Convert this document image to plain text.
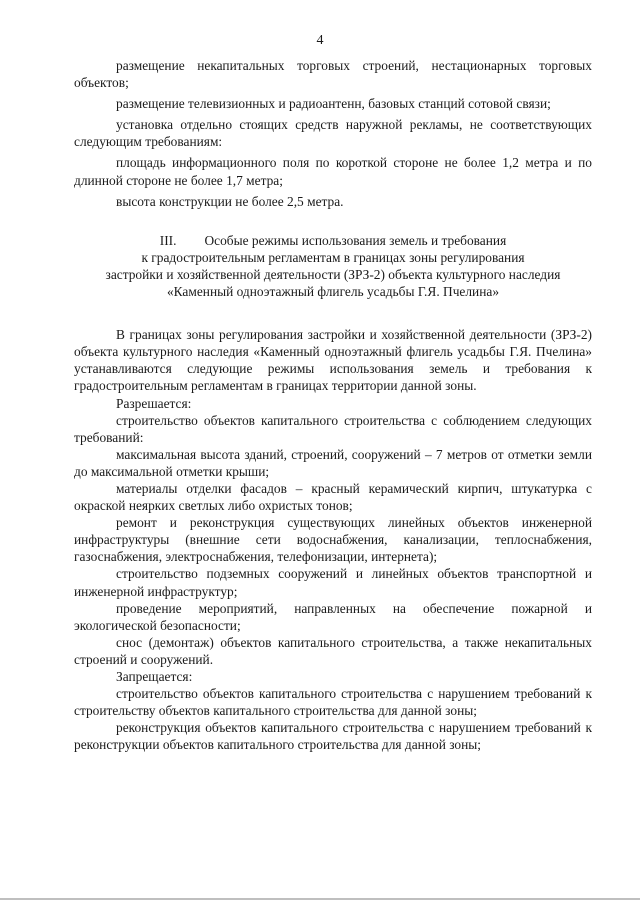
4

размещение некапитальных торговых строений, нестационарных торговых объектов;

размещение телевизионных и радиоантенн, базовых станций сотовой связи;

установка отдельно стоящих средств наружной рекламы, не соответствующих следующим требованиям:

площадь информационного поля по короткой стороне не более 1,2 метра и по длинной стороне не более 1,7 метра;

высота конструкции не более 2,5 метра.

III. Особые режимы использования земель и требования
к градостроительным регламентам в границах зоны регулирования
застройки и хозяйственной деятельности (ЗРЗ-2) объекта культурного наследия
«Каменный одноэтажный флигель усадьбы Г.Я. Пчелина»

В границах зоны регулирования застройки и хозяйственной деятельности (ЗРЗ-2) объекта культурного наследия «Каменный одноэтажный флигель усадьбы Г.Я. Пчелина» устанавливаются следующие режимы использования земель и требования к градостроительным регламентам в границах территории данной зоны.

Разрешается:

строительство объектов капитального строительства с соблюдением следующих требований:

максимальная высота зданий, строений, сооружений – 7 метров от отметки земли до максимальной отметки крыши;

материалы отделки фасадов – красный керамический кирпич, штукатурка с окраской неярких светлых либо охристых тонов;

ремонт и реконструкция существующих линейных объектов инженерной инфраструктуры (внешние сети водоснабжения, канализации, теплоснабжения, газоснабжения, электроснабжения, телефонизации, интернета);

строительство подземных сооружений и линейных объектов транспортной и инженерной инфраструктур;

проведение мероприятий, направленных на обеспечение пожарной и экологической безопасности;

снос (демонтаж) объектов капитального строительства, а также некапитальных строений и сооружений.

Запрещается:

строительство объектов капитального строительства с нарушением требований к строительству объектов капитального строительства для данной зоны;

реконструкция объектов капитального строительства с нарушением требований к реконструкции объектов капитального строительства для данной зоны;
